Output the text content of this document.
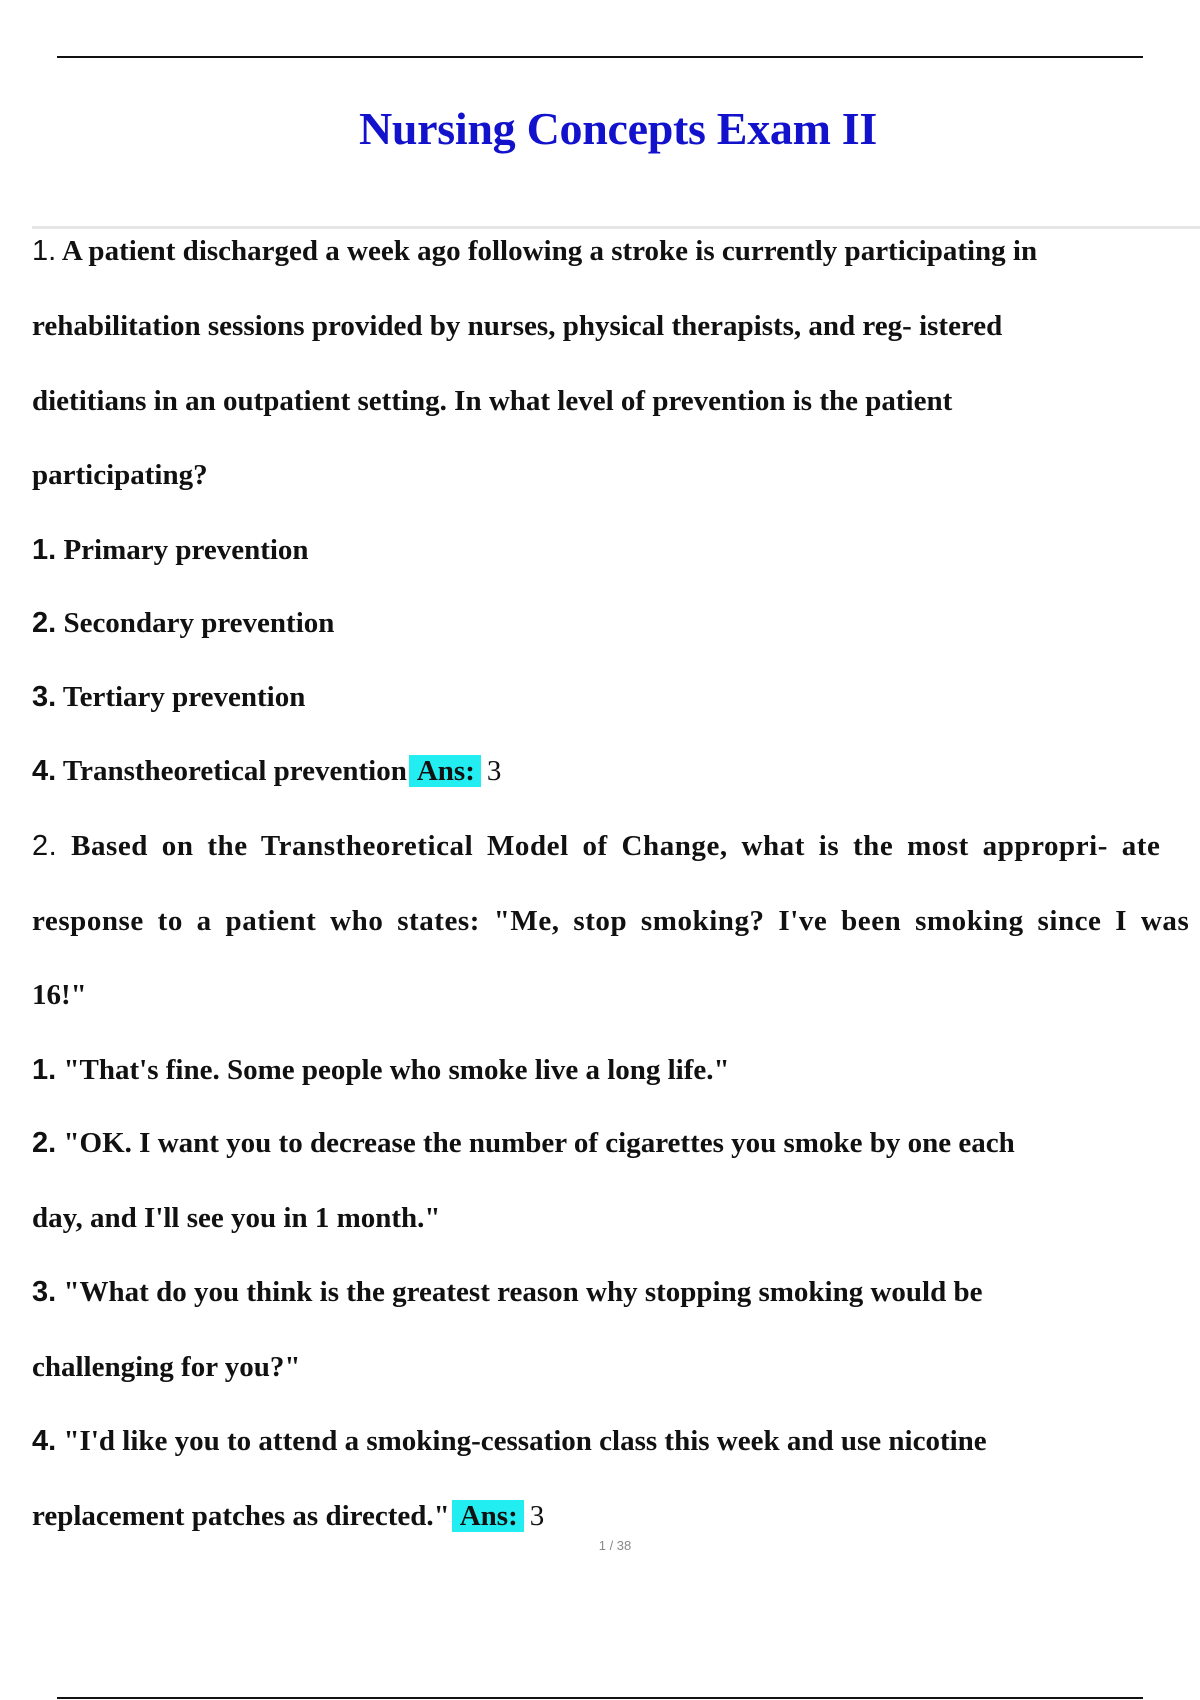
Nursing Concepts Exam II
1. A patient discharged a week ago following a stroke is currently participating in
rehabilitation sessions provided by nurses, physical therapists, and reg- istered
dietitians in an outpatient setting. In what level of prevention is the patient
participating?
1. Primary prevention
2. Secondary prevention
3. Tertiary prevention
4. Transtheoretical prevention Ans: 3
2. Based on the Transtheoretical Model of Change, what is the most appropri- ate
response to a patient who states: "Me, stop smoking? I've been smoking since I was
16!"
1. "That's fine. Some people who smoke live a long life."
2. "OK. I want you to decrease the number of cigarettes you smoke by one each
day, and I'll see you in 1 month."
3. "What do you think is the greatest reason why stopping smoking would be
challenging for you?"
4. "I'd like you to attend a smoking-cessation class this week and use nicotine
replacement patches as directed." Ans: 3
1 / 38
